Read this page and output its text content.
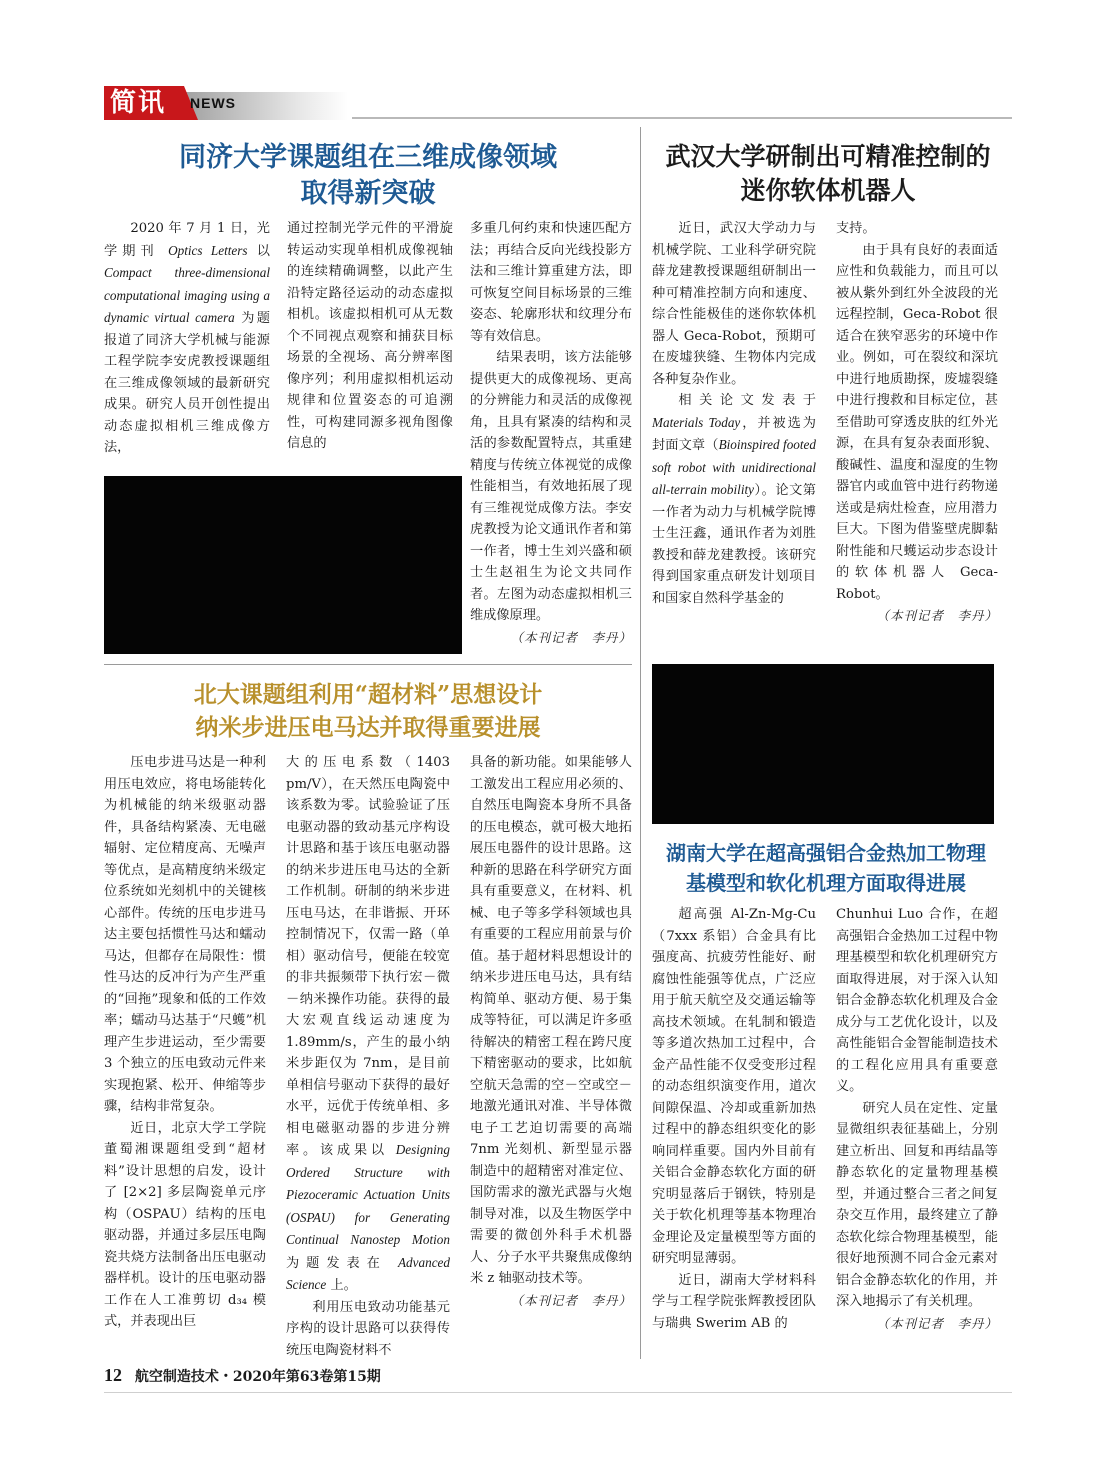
简讯	NEWS
同济大学课题组在三维成像领域
取得新突破

2020 年 7 月 1 日，光学期刊 Optics Letters 以 Compact three-dimensional computational imaging using a dynamic virtual camera 为题报道了同济大学机械与能源工程学院李安虎教授课题组在三维成像领域的最新研究成果。研究人员开创性提出动态虚拟相机三维成像方法，

通过控制光学元件的平滑旋转运动实现单相机成像视轴的连续精确调整，以此产生沿特定路径运动的动态虚拟相机。该虚拟相机可从无数个不同视点观察和捕获目标场景的全视场、高分辨率图像序列；利用虚拟相机运动规律和位置姿态的可追溯性，可构建同源多视角图像信息的

多重几何约束和快速匹配方法；再结合反向光线投影方法和三维计算重建方法，即可恢复空间目标场景的三维姿态、轮廓形状和纹理分布等有效信息。

结果表明，该方法能够提供更大的成像视场、更高的分辨能力和灵活的成像视角，且具有紧凑的结构和灵活的参数配置特点，其重建精度与传统立体视觉的成像性能相当，有效地拓展了现有三维视觉成像方法。李安虎教授为论文通讯作者和第一作者，博士生刘兴盛和硕士生赵祖生为论文共同作者。左图为动态虚拟相机三维成像原理。

（本刊记者　李丹）
武汉大学研制出可精准控制的
迷你软体机器人

近日，武汉大学动力与机械学院、工业科学研究院薛龙建教授课题组研制出一种可精准控制方向和速度、综合性能极佳的迷你软体机器人 Geca-Robot，预期可在废墟狭缝、生物体内完成各种复杂作业。

相关论文发表于 Materials Today，并被选为封面文章（Bioinspired footed soft robot with unidirectional all-terrain mobility）。论文第一作者为动力与机械学院博士生汪鑫，通讯作者为刘胜教授和薛龙建教授。该研究得到国家重点研发计划项目和国家自然科学基金的

支持。

由于具有良好的表面适应性和负载能力，而且可以被从紫外到红外全波段的光远程控制，Geca-Robot 很适合在狭窄恶劣的环境中作业。例如，可在裂纹和深坑中进行地质勘探，废墟裂缝中进行搜救和目标定位，甚至借助可穿透皮肤的红外光源，在具有复杂表面形貌、酸碱性、温度和湿度的生物器官内或血管中进行药物递送或是病灶检查，应用潜力巨大。下图为借鉴壁虎脚黏附性能和尺蠖运动步态设计的软体机器人 Geca-Robot。

（本刊记者　李丹）
北大课题组利用“超材料”思想设计
纳米步进压电马达并取得重要进展

压电步进马达是一种利用压电效应，将电场能转化为机械能的纳米级驱动器件，具备结构紧凑、无电磁辐射、定位精度高、无噪声等优点，是高精度纳米级定位系统如光刻机中的关键核心部件。传统的压电步进马达主要包括惯性马达和蠕动马达，但都存在局限性：惯性马达的反冲行为产生严重的“回拖”现象和低的工作效率；蠕动马达基于“尺蠖”机理产生步进运动，至少需要 3 个独立的压电致动元件来实现抱紧、松开、伸缩等步骤，结构非常复杂。

近日，北京大学工学院董蜀湘课题组受到“超材料”设计思想的启发，设计了 [2×2] 多层陶瓷单元序构（OSPAU）结构的压电驱动器，并通过多层压电陶瓷共烧方法制备出压电驱动器样机。设计的压电驱动器工作在人工准剪切 d₃₄ 模式，并表现出巨

大的压电系数（1403 pm/V），在天然压电陶瓷中该系数为零。试验验证了压电驱动器的致动基元序构设计思路和基于该压电驱动器的纳米步进压电马达的全新工作机制。研制的纳米步进压电马达，在非谐振、开环控制情况下，仅需一路（单相）驱动信号，便能在较宽的非共振频带下执行宏－微－纳米操作功能。获得的最大宏观直线运动速度为 1.89mm/s，产生的最小纳米步距仅为 7nm，是目前单相信号驱动下获得的最好水平，远优于传统单相、多相电磁驱动器的步进分辨率。该成果以 Designing Ordered Structure with Piezoceramic Actuation Units (OSPAU) for Generating Continual Nanostep Motion 为题发表在 Advanced Science 上。

利用压电致动功能基元序构的设计思路可以获得传统压电陶瓷材料不

具备的新功能。如果能够人工激发出工程应用必须的、自然压电陶瓷本身所不具备的压电模态，就可极大地拓展压电器件的设计思路。这种新的思路在科学研究方面具有重要意义，在材料、机械、电子等多学科领域也具有重要的工程应用前景与价值。基于超材料思想设计的纳米步进压电马达，具有结构简单、驱动方便、易于集成等特征，可以满足许多亟待解决的精密工程在跨尺度下精密驱动的要求，比如航空航天急需的空－空或空－地激光通讯对准、半导体微电子工艺迫切需要的高端 7nm 光刻机、新型显示器制造中的超精密对准定位、国防需求的激光武器与火炮制导对准，以及生物医学中需要的微创外科手术机器人、分子水平共聚焦成像纳米 z 轴驱动技术等。

（本刊记者　李丹）
湖南大学在超高强铝合金热加工物理
基模型和软化机理方面取得进展

超高强 Al-Zn-Mg-Cu（7xxx 系铝）合金具有比强度高、抗疲劳性能好、耐腐蚀性能强等优点，广泛应用于航天航空及交通运输等高技术领域。在轧制和锻造等多道次热加工过程中，合金产品性能不仅受变形过程的动态组织演变作用，道次间隙保温、冷却或重新加热过程中的静态组织变化的影响同样重要。国内外目前有关铝合金静态软化方面的研究明显落后于钢铁，特别是关于软化机理等基本物理冶金理论及定量模型等方面的研究明显薄弱。

近日，湖南大学材料科学与工程学院张辉教授团队与瑞典 Swerim AB 的

Chunhui Luo 合作，在超高强铝合金热加工过程中物理基模型和软化机理研究方面取得进展，对于深入认知铝合金静态软化机理及合金成分与工艺优化设计，以及高性能铝合金智能制造技术的工程化应用具有重要意义。

研究人员在定性、定量显微组织表征基础上，分别建立析出、回复和再结晶等静态软化的定量物理基模型，并通过整合三者之间复杂交互作用，最终建立了静态软化综合物理基模型，能很好地预测不同合金元素对铝合金静态软化的作用，并深入地揭示了有关机理。

（本刊记者　李丹）
12 航空制造技术・2020年第63卷第15期
